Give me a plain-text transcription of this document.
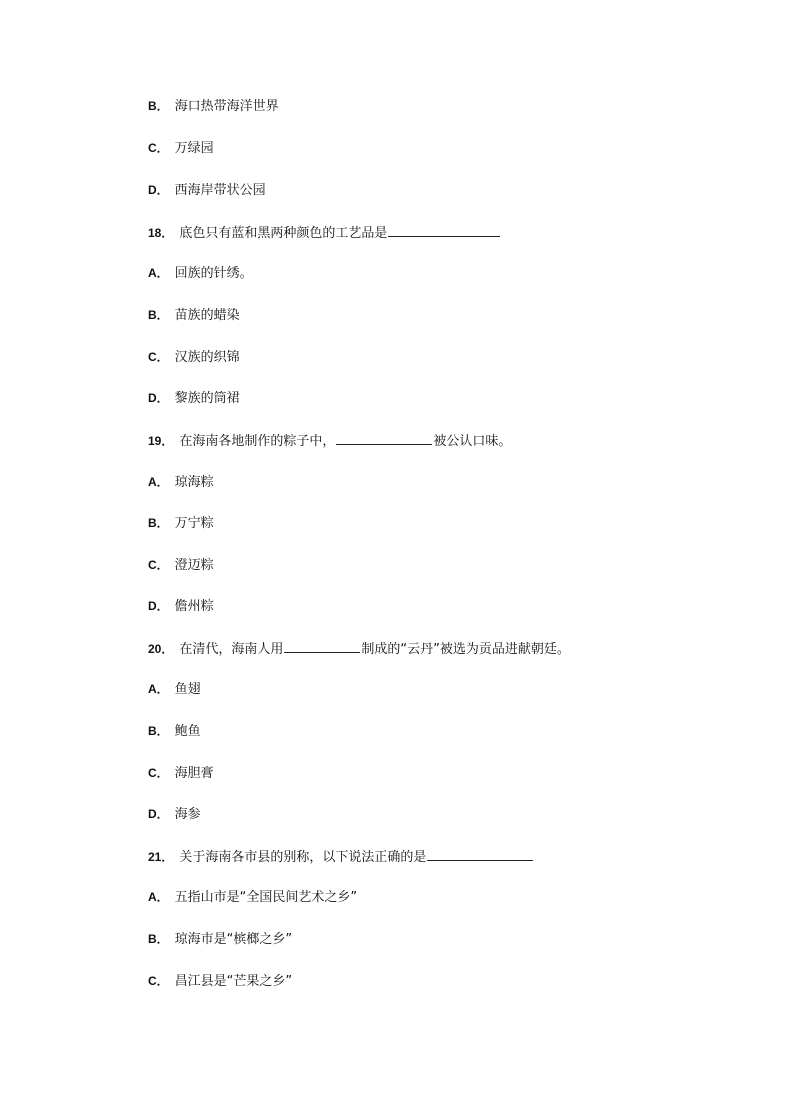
B． 海口热带海洋世界
C． 万绿园
D． 西海岸带状公园
18． 底色只有蓝和黑两种颜色的工艺品是
A． 回族的针绣。
B． 苗族的蜡染
C． 汉族的织锦
D． 黎族的筒裙
19． 在海南各地制作的粽子中，	被公认口味。
A． 琼海粽
B． 万宁粽
C． 澄迈粽
D． 儋州粽
20． 在清代，海南人用	制成的“云丹”被选为贡品进献朝廷。
A． 鱼翅
B． 鲍鱼
C． 海胆膏
D． 海参
21． 关于海南各市县的别称，以下说法正确的是
A． 五指山市是“全国民间艺术之乡”
B． 琼海市是“槟榔之乡”
C． 昌江县是“芒果之乡”
